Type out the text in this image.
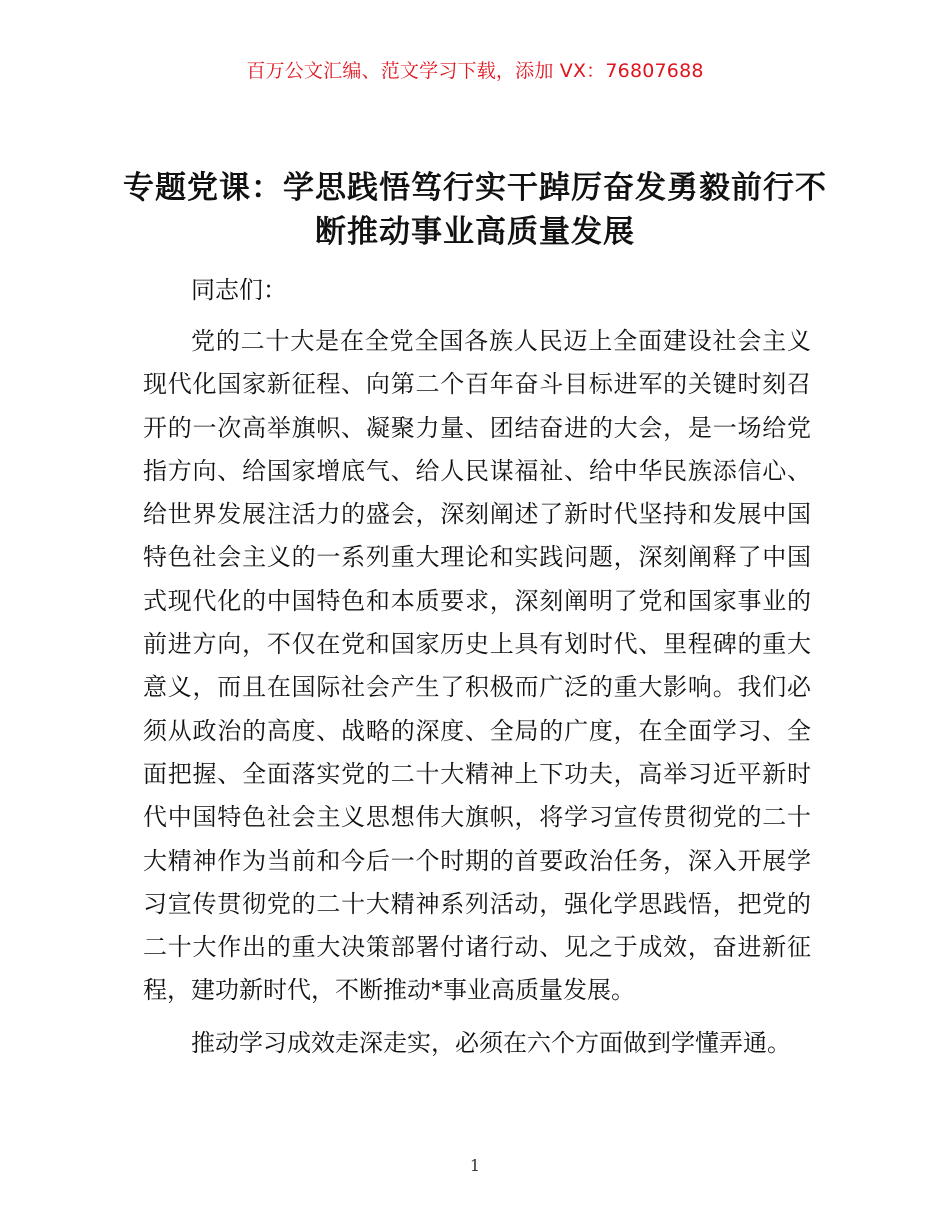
百万公文汇编、范文学习下载，添加 VX：76807688
专题党课：学思践悟笃行实干踔厉奋发勇毅前行不断推动事业高质量发展
同志们：
党的二十大是在全党全国各族人民迈上全面建设社会主义现代化国家新征程、向第二个百年奋斗目标进军的关键时刻召开的一次高举旗帜、凝聚力量、团结奋进的大会，是一场给党指方向、给国家增底气、给人民谋福祉、给中华民族添信心、给世界发展注活力的盛会，深刻阐述了新时代坚持和发展中国特色社会主义的一系列重大理论和实践问题，深刻阐释了中国式现代化的中国特色和本质要求，深刻阐明了党和国家事业的前进方向，不仅在党和国家历史上具有划时代、里程碑的重大意义，而且在国际社会产生了积极而广泛的重大影响。我们必须从政治的高度、战略的深度、全局的广度，在全面学习、全面把握、全面落实党的二十大精神上下功夫，高举习近平新时代中国特色社会主义思想伟大旗帜，将学习宣传贯彻党的二十大精神作为当前和今后一个时期的首要政治任务，深入开展学习宣传贯彻党的二十大精神系列活动，强化学思践悟，把党的二十大作出的重大决策部署付诸行动、见之于成效，奋进新征程，建功新时代，不断推动*事业高质量发展。
推动学习成效走深走实，必须在六个方面做到学懂弄通。
1
